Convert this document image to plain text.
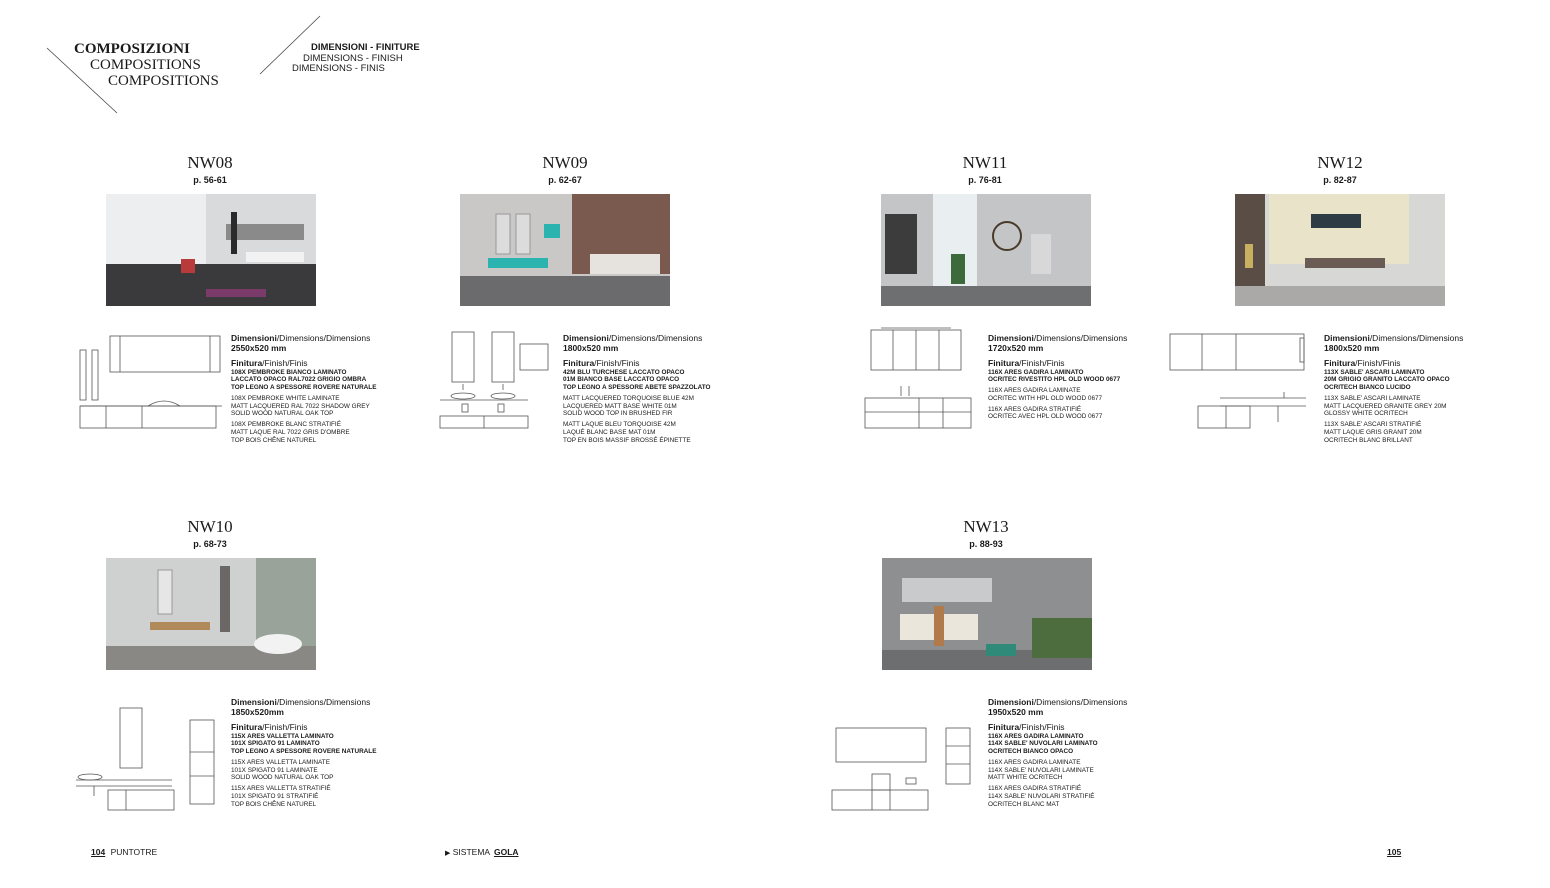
COMPOSIZIONI
COMPOSITIONS
COMPOSITIONS
DIMENSIONI - FINITURE
DIMENSIONS - FINISH
DIMENSIONS - FINIS
NW08
p. 56-61
Dimensioni/Dimensions/Dimensions
2550x520 mm
Finitura/Finish/Finis
108X PEMBROKE BIANCO LAMINATO
LACCATO OPACO RAL7022 GRIGIO OMBRA
TOP LEGNO A SPESSORE ROVERE NATURALE
108X PEMBROKE WHITE LAMINATE
MATT LACQUERED RAL 7022 SHADOW GREY
SOLID WOOD NATURAL OAK TOP
108X PEMBROKE BLANC STRATIFIÉ
MATT LAQUE RAL 7022 GRIS D'OMBRE
TOP BOIS CHÊNE NATUREL
NW09
p. 62-67
Dimensioni/Dimensions/Dimensions
1800x520 mm
Finitura/Finish/Finis
42M BLU TURCHESE LACCATO OPACO
01M BIANCO BASE LACCATO OPACO
TOP LEGNO A SPESSORE ABETE SPAZZOLATO
MATT LACQUERED TORQUOISE BLUE 42M
LACQUERED MATT BASE WHITE 01M
SOLID WOOD TOP IN BRUSHED FIR
MATT LAQUE BLEU TORQUOISE 42M
LAQUÉ BLANC BASE MAT 01M
TOP EN BOIS MASSIF BROSSÉ ÉPINETTE
NW11
p. 76-81
Dimensioni/Dimensions/Dimensions
1720x520 mm
Finitura/Finish/Finis
116X ARES GADIRA LAMINATO
OCRITEC RIVESTITO HPL OLD WOOD 0677
116X ARES GADIRA LAMINATE
OCRITEC WITH HPL OLD WOOD 0677
116X ARES GADIRA STRATIFIÉ
OCRITEC AVEC HPL OLD WOOD 0677
NW12
p. 82-87
Dimensioni/Dimensions/Dimensions
1800x520 mm
Finitura/Finish/Finis
113X SABLE' ASCARI LAMINATO
20M GRIGIO GRANITO LACCATO OPACO
OCRITECH BIANCO LUCIDO
113X SABLE' ASCARI LAMINATE
MATT LACQUERED GRANITE GREY 20M
GLOSSY WHITE OCRITECH
113X SABLE' ASCARI STRATIFIÉ
MATT LAQUE GRIS GRANIT 20M
OCRITECH BLANC BRILLANT
NW10
p. 68-73
Dimensioni/Dimensions/Dimensions
1850x520mm
Finitura/Finish/Finis
115X ARES VALLETTA LAMINATO
101X SPIGATO 91 LAMINATO
TOP LEGNO A SPESSORE ROVERE NATURALE
115X ARES VALLETTA LAMINATE
101X SPIGATO 91 LAMINATE
SOLID WOOD NATURAL OAK TOP
115X ARES VALLETTA STRATIFIÉ
101X SPIGATO 91 STRATIFIÉ
TOP BOIS CHÊNE NATUREL
NW13
p. 88-93
Dimensioni/Dimensions/Dimensions
1950x520 mm
Finitura/Finish/Finis
116X ARES GADIRA LAMINATO
114X SABLE' NUVOLARI LAMINATO
OCRITECH BIANCO OPACO
116X ARES GADIRA LAMINATE
114X SABLE' NUVOLARI LAMINATE
MATT WHITE OCRITECH
116X ARES GADIRA STRATIFIÉ
114X SABLE' NUVOLARI STRATIFIÉ
OCRITECH BLANC MAT
104 PUNTOTRE	▶ SISTEMA GOLA	105
